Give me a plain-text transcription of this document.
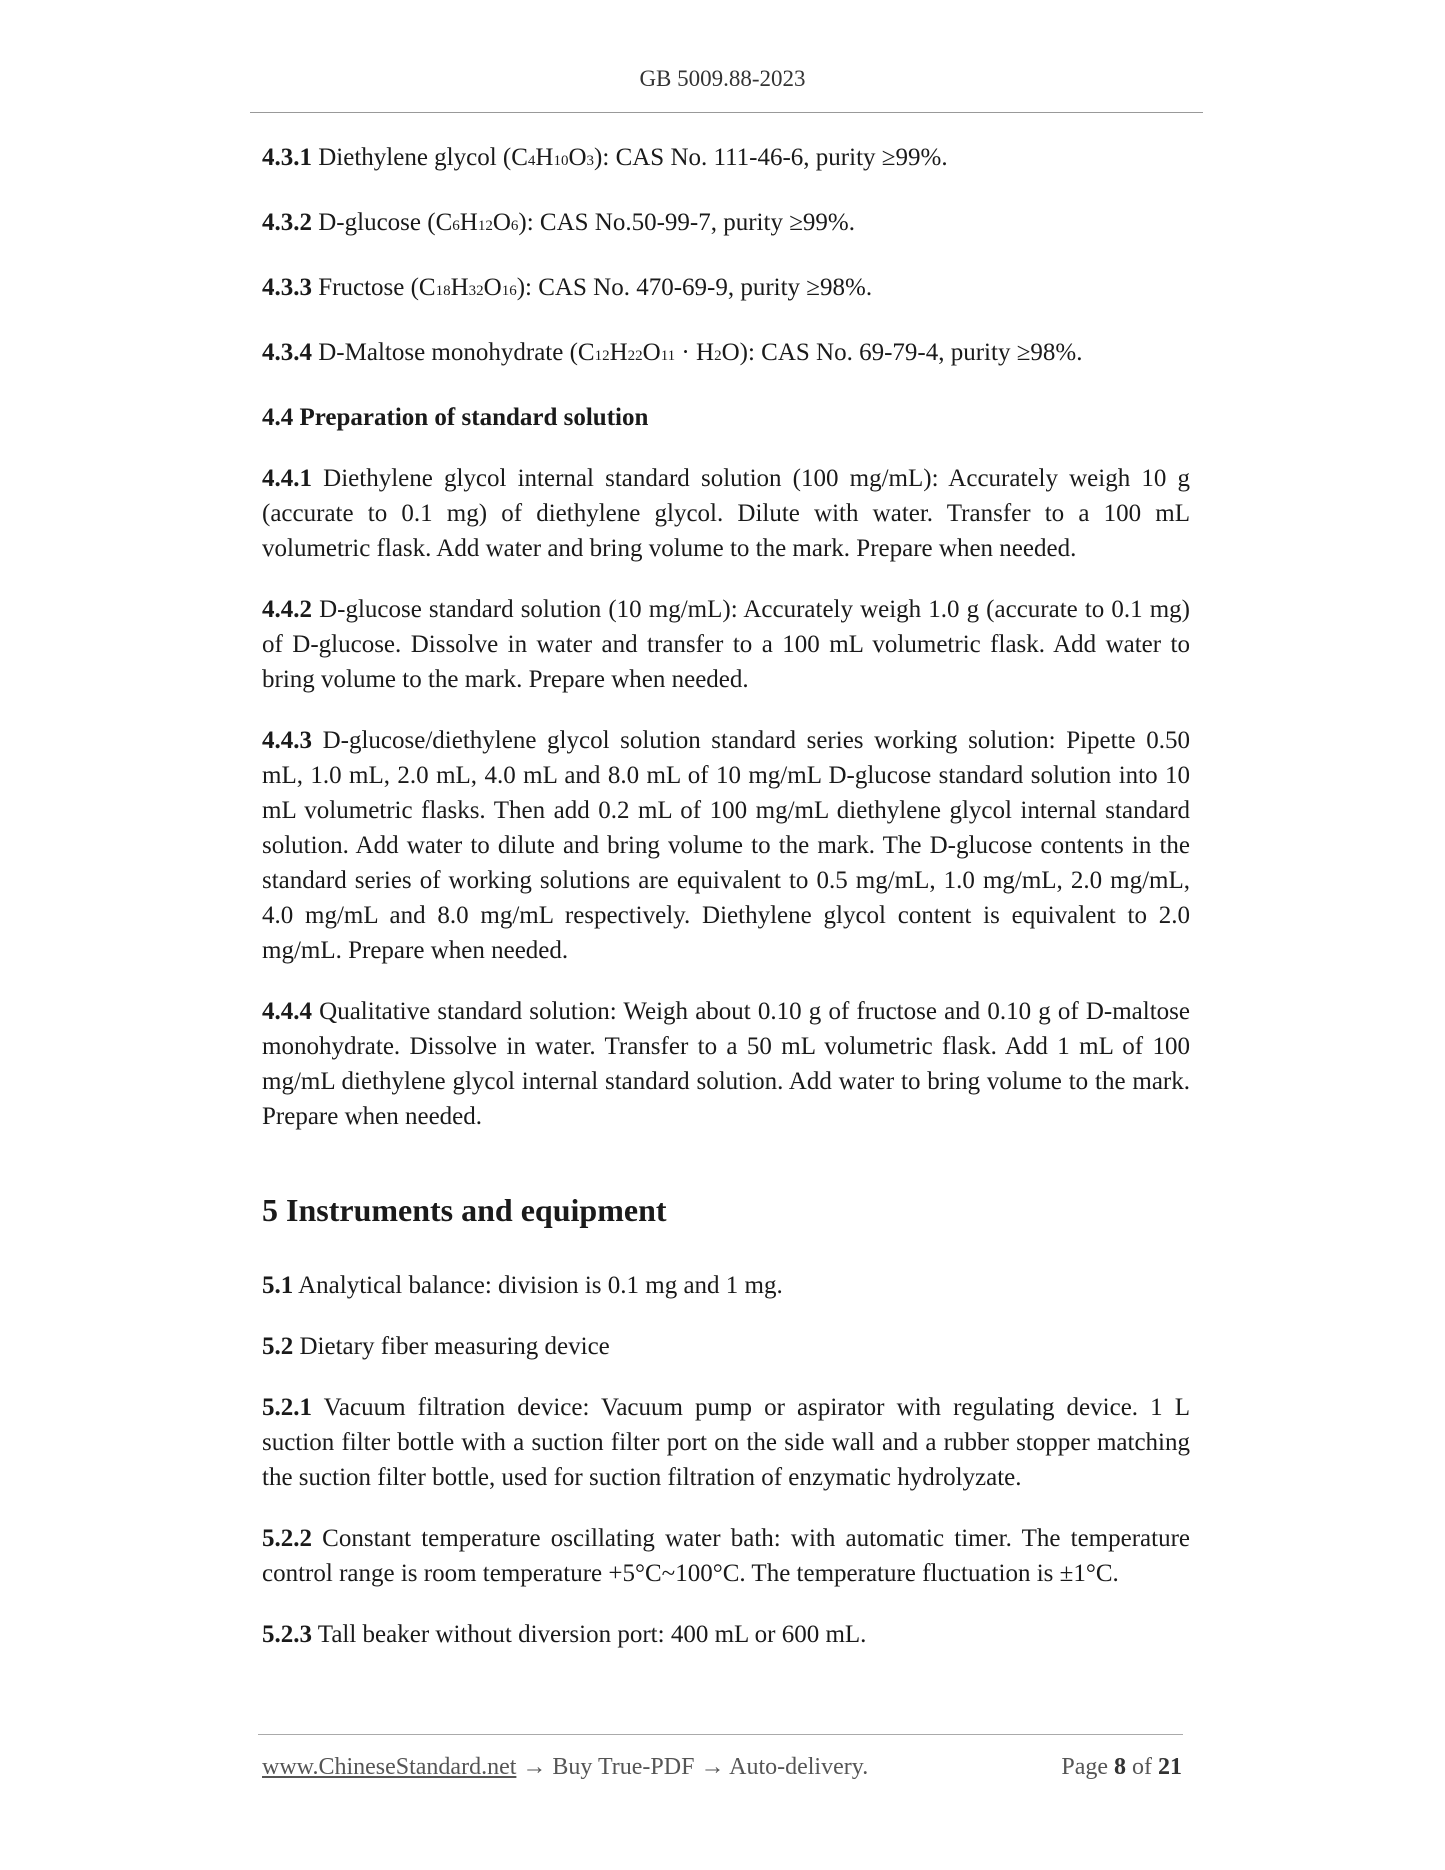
GB 5009.88-2023

4.3.1 Diethylene glycol (C4H10O3): CAS No. 111-46-6, purity ≥99%.

4.3.2 D-glucose (C6H12O6): CAS No.50-99-7, purity ≥99%.

4.3.3 Fructose (C18H32O16): CAS No. 470-69-9, purity ≥98%.

4.3.4 D-Maltose monohydrate (C12H22O11 · H2O): CAS No. 69-79-4, purity ≥98%.

4.4 Preparation of standard solution

4.4.1 Diethylene glycol internal standard solution (100 mg/mL): Accurately weigh 10 g (accurate to 0.1 mg) of diethylene glycol. Dilute with water. Transfer to a 100 mL volumetric flask. Add water and bring volume to the mark. Prepare when needed.

4.4.2 D-glucose standard solution (10 mg/mL): Accurately weigh 1.0 g (accurate to 0.1 mg) of D-glucose. Dissolve in water and transfer to a 100 mL volumetric flask. Add water to bring volume to the mark. Prepare when needed.

4.4.3 D-glucose/diethylene glycol solution standard series working solution: Pipette 0.50 mL, 1.0 mL, 2.0 mL, 4.0 mL and 8.0 mL of 10 mg/mL D-glucose standard solution into 10 mL volumetric flasks. Then add 0.2 mL of 100 mg/mL diethylene glycol internal standard solution. Add water to dilute and bring volume to the mark. The D-glucose contents in the standard series of working solutions are equivalent to 0.5 mg/mL, 1.0 mg/mL, 2.0 mg/mL, 4.0 mg/mL and 8.0 mg/mL respectively. Diethylene glycol content is equivalent to 2.0 mg/mL. Prepare when needed.

4.4.4 Qualitative standard solution: Weigh about 0.10 g of fructose and 0.10 g of D-maltose monohydrate. Dissolve in water. Transfer to a 50 mL volumetric flask. Add 1 mL of 100 mg/mL diethylene glycol internal standard solution. Add water to bring volume to the mark. Prepare when needed.

5 Instruments and equipment

5.1 Analytical balance: division is 0.1 mg and 1 mg.

5.2 Dietary fiber measuring device

5.2.1 Vacuum filtration device: Vacuum pump or aspirator with regulating device. 1 L suction filter bottle with a suction filter port on the side wall and a rubber stopper matching the suction filter bottle, used for suction filtration of enzymatic hydrolyzate.

5.2.2 Constant temperature oscillating water bath: with automatic timer. The temperature control range is room temperature +5°C~100°C. The temperature fluctuation is ±1°C.

5.2.3 Tall beaker without diversion port: 400 mL or 600 mL.

www.ChineseStandard.net → Buy True-PDF → Auto-delivery.	Page 8 of 21
